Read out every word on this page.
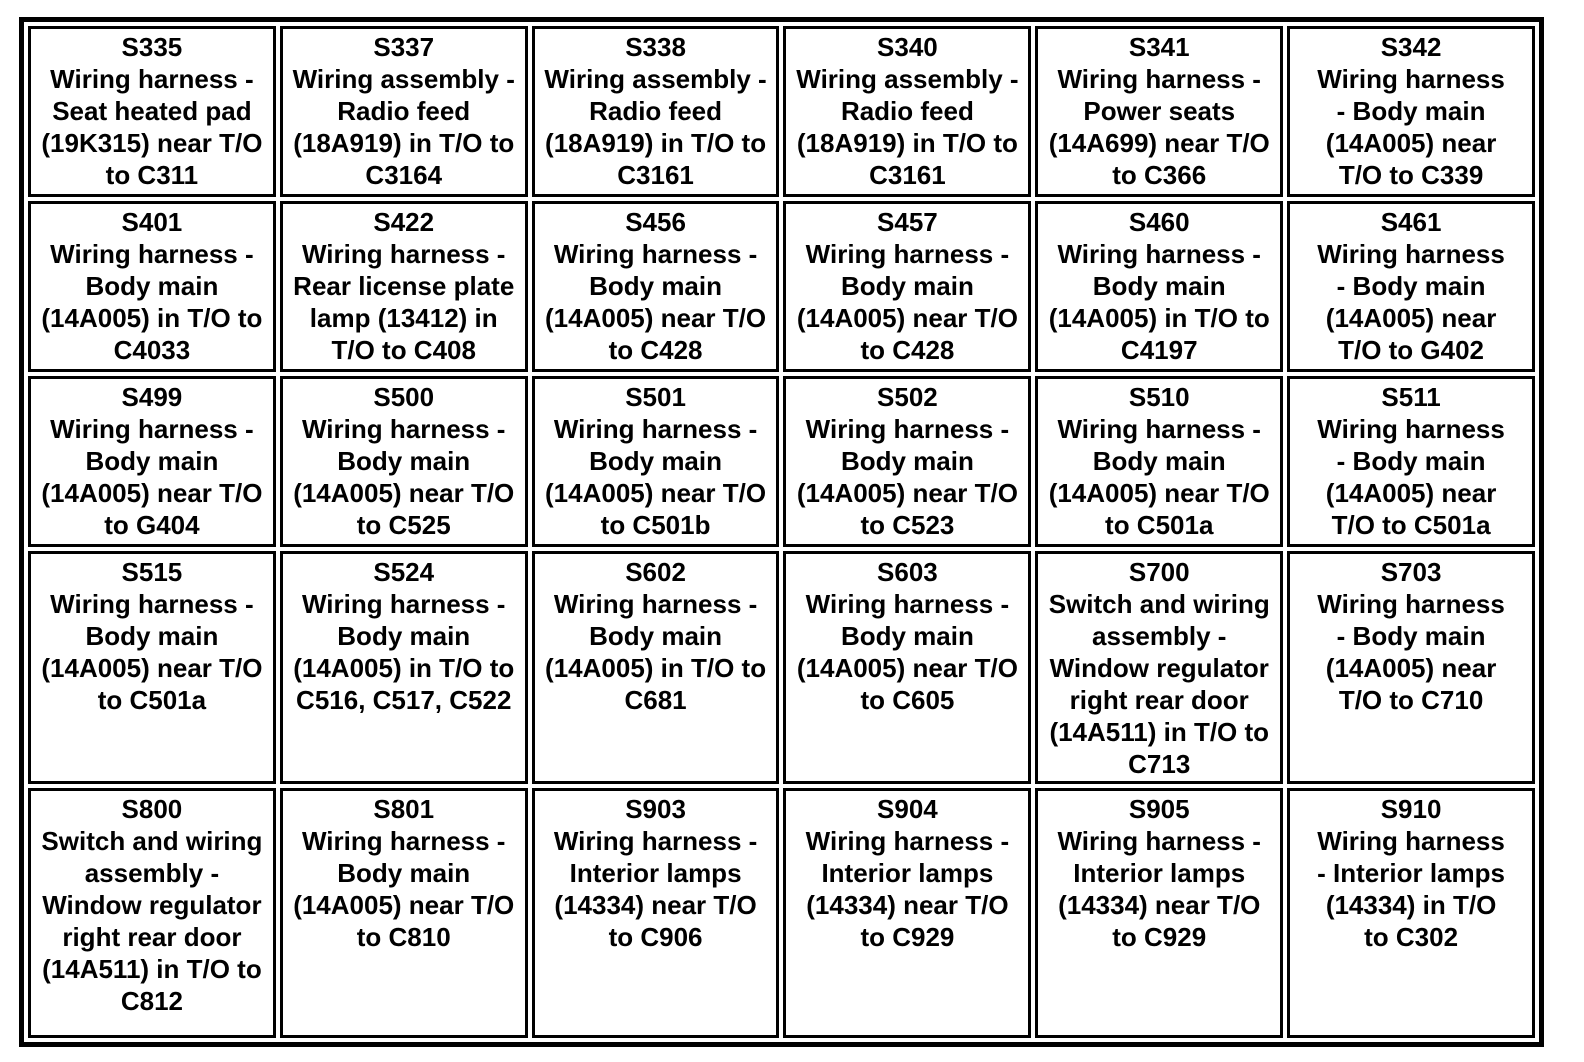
S335
Wiring harness -
Seat heated pad
(19K315) near T/O
to C311
S337
Wiring assembly -
Radio feed
(18A919) in T/O to
C3164
S338
Wiring assembly -
Radio feed
(18A919) in T/O to
C3161
S340
Wiring assembly -
Radio feed
(18A919) in T/O to
C3161
S341
Wiring harness -
Power seats
(14A699) near T/O
to C366
S342
Wiring harness
- Body main
(14A005) near
T/O to C339
S401
Wiring harness -
Body main
(14A005) in T/O to
C4033
S422
Wiring harness -
Rear license plate
lamp (13412) in
T/O to C408
S456
Wiring harness -
Body main
(14A005) near T/O
to C428
S457
Wiring harness -
Body main
(14A005) near T/O
to C428
S460
Wiring harness -
Body main
(14A005) in T/O to
C4197
S461
Wiring harness
- Body main
(14A005) near
T/O to G402
S499
Wiring harness -
Body main
(14A005) near T/O
to G404
S500
Wiring harness -
Body main
(14A005) near T/O
to C525
S501
Wiring harness -
Body main
(14A005) near T/O
to C501b
S502
Wiring harness -
Body main
(14A005) near T/O
to C523
S510
Wiring harness -
Body main
(14A005) near T/O
to C501a
S511
Wiring harness
- Body main
(14A005) near
T/O to C501a
S515
Wiring harness -
Body main
(14A005) near T/O
to C501a
S524
Wiring harness -
Body main
(14A005) in T/O to
C516, C517, C522
S602
Wiring harness -
Body main
(14A005) in T/O to
C681
S603
Wiring harness -
Body main
(14A005) near T/O
to C605
S700
Switch and wiring
assembly -
Window regulator
right rear door
(14A511) in T/O to
C713
S703
Wiring harness
- Body main
(14A005) near
T/O to C710
S800
Switch and wiring
assembly -
Window regulator
right rear door
(14A511) in T/O to
C812
S801
Wiring harness -
Body main
(14A005) near T/O
to C810
S903
Wiring harness -
Interior lamps
(14334) near T/O
to C906
S904
Wiring harness -
Interior lamps
(14334) near T/O
to C929
S905
Wiring harness -
Interior lamps
(14334) near T/O
to C929
S910
Wiring harness
- Interior lamps
(14334) in T/O
to C302
